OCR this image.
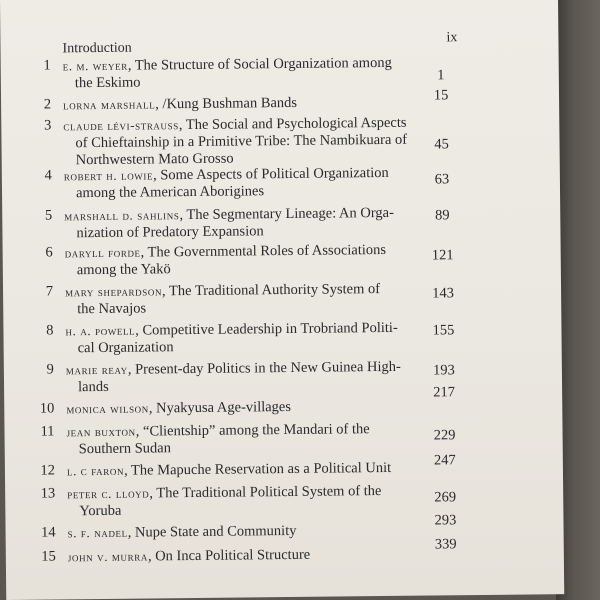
Introduction
ix
1 e. m. weyer, The Structure of Social Organization among
the Eskimo	1
2 lorna marshall, /Kung Bushman Bands	15
3 claude lévi-strauss, The Social and Psychological Aspects
of Chieftainship in a Primitive Tribe: The Nambikuara of Northwestern Mato Grosso
45
4 robert h. lowie, Some Aspects of Political Organization
among the American Aborigines
63
5 marshall d. sahlins, The Segmentary Lineage: An Orga-
nization of Predatory Expansion
89
6 daryll forde, The Governmental Roles of Associations
among the Yakö
121
7 mary shepardson, The Traditional Authority System of
the Navajos
143
8 h. a. powell, Competitive Leadership in Trobriand Politi-
cal Organization
155
9 marie reay, Present-day Politics in the New Guinea High-
lands
193
10 monica wilson, Nyakyusa Age-villages
217
11 jean buxton, “Clientship” among the Mandari of the
Southern Sudan
229
12 l. c faron, The Mapuche Reservation as a Political Unit	247
13 peter c. lloyd, The Traditional Political System of the
Yoruba
269
14 s. f. nadel, Nupe State and Community
293
15 john v. murra, On Inca Political Structure
339
